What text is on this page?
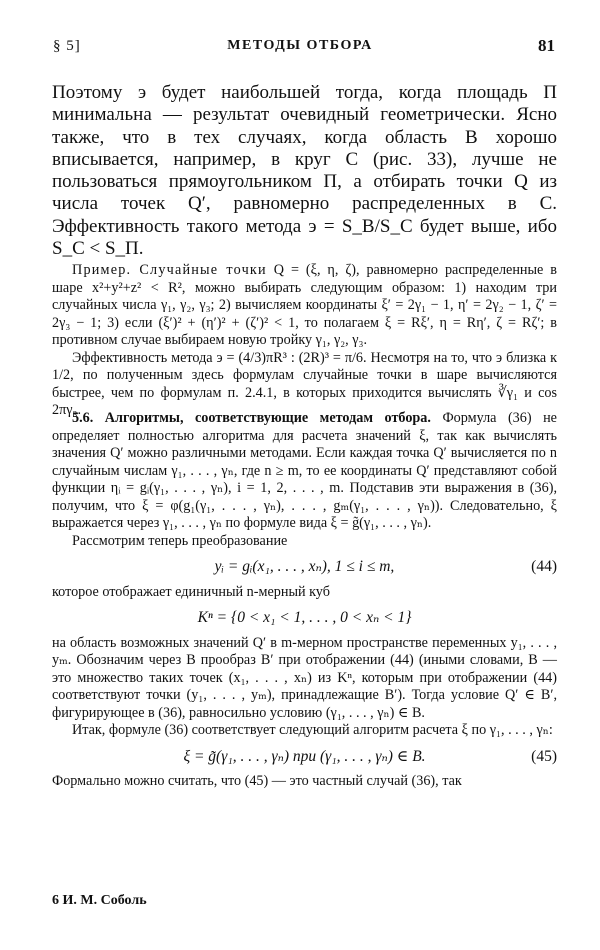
§ 5]	МЕТОДЫ ОТБОРА	81

Поэтому э будет наибольшей тогда, когда площадь Π минимальна — результат очевидный геометрически. Ясно также, что в тех случаях, когда область B хорошо вписывается, например, в круг C (рис. 33), лучше не пользоваться прямоугольником Π, а отбирать точки Q из числа точек Q′, равномерно распределенных в C. Эффективность такого метода э = S_B/S_C будет выше, ибо S_C < S_Π.

Пример. Случайные точки Q = (ξ, η, ζ), равномерно распределенные в шаре x²+y²+z² < R², можно выбирать следующим образом: 1) находим три случайных числа γ₁, γ₂, γ₃; 2) вычисляем координаты ξ′ = 2γ₁ − 1, η′ = 2γ₂ − 1, ζ′ = 2γ₃ − 1; 3) если (ξ′)² + (η′)² + (ζ′)² < 1, то полагаем ξ = Rξ′, η = Rη′, ζ = Rζ′; в противном случае выбираем новую тройку γ₁, γ₂, γ₃.

Эффективность метода э = (4/3)πR³ : (2R)³ = π/6. Несмотря на то, что э близка к 1/2, по полученным здесь формулам случайные точки в шаре вычисляются быстрее, чем по формулам п. 2.4.1, в которых приходится вычислять ∛γ₁ и cos 2πγ₃.

5.6. Алгоритмы, соответствующие методам отбора. Формула (36) не определяет полностью алгоритма для расчета значений ξ, так как вычислять значения Q′ можно различными методами. Если каждая точка Q′ вычисляется по n случайным числам γ₁, . . . , γₙ, где n ≥ m, то ее координаты Q′ представляют собой функции ηᵢ = gᵢ(γ₁, . . . , γₙ), i = 1, 2, . . . , m. Подставив эти выражения в (36), получим, что ξ = φ(g₁(γ₁, . . . , γₙ), . . . , gₘ(γ₁, . . . , γₙ)). Следовательно, ξ выражается через γ₁, . . . , γₙ по формуле вида ξ = g̃(γ₁, . . . , γₙ).

Рассмотрим теперь преобразование

yᵢ = gᵢ(x₁, . . . , xₙ), 1 ≤ i ≤ m,	(44)

которое отображает единичный n-мерный куб

Kⁿ = {0 < x₁ < 1, . . . , 0 < xₙ < 1}

на область возможных значений Q′ в m-мерном пространстве переменных y₁, . . . , yₘ. Обозначим через B прообраз B′ при отображении (44) (иными словами, B — это множество таких точек (x₁, . . . , xₙ) из Kⁿ, которым при отображении (44) соответствуют точки (y₁, . . . , yₘ), принадлежащие B′). Тогда условие Q′ ∈ B′, фигурирующее в (36), равносильно условию (γ₁, . . . , γₙ) ∈ B.

Итак, формуле (36) соответствует следующий алгоритм расчета ξ по γ₁, . . . , γₙ:

ξ = g̃(γ₁, . . . , γₙ) при (γ₁, . . . , γₙ) ∈ B.	(45)

Формально можно считать, что (45) — это частный случай (36), так

6 И. М. Соболь
